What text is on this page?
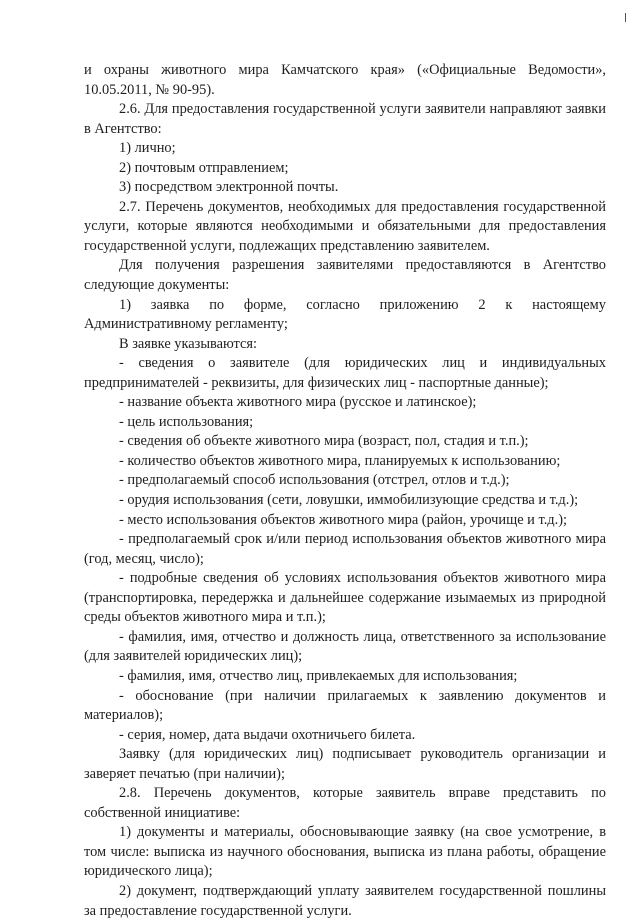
и охраны животного мира Камчатского края» («Официальные Ведомости», 10.05.2011, № 90-95).

2.6. Для предоставления государственной услуги заявители направляют заявки в Агентство:

1) лично;

2) почтовым отправлением;

3) посредством электронной почты.

2.7. Перечень документов, необходимых для предоставления государственной услуги, которые являются необходимыми и обязательными для предоставления государственной услуги, подлежащих представлению заявителем.

Для получения разрешения заявителями предоставляются в Агентство следующие документы:

1) заявка по форме, согласно приложению 2 к настоящему Административному регламенту;

В заявке указываются:

- сведения о заявителе (для юридических лиц и индивидуальных предпринимателей - реквизиты, для физических лиц - паспортные данные);

- название объекта животного мира (русское и латинское);

- цель использования;

- сведения об объекте животного мира (возраст, пол, стадия и т.п.);

- количество объектов животного мира, планируемых к использованию;

- предполагаемый способ использования (отстрел, отлов и т.д.);

- орудия использования (сети, ловушки, иммобилизующие средства и т.д.);

- место использования объектов животного мира (район, урочище и т.д.);

- предполагаемый срок и/или период использования объектов животного мира (год, месяц, число);

- подробные сведения об условиях использования объектов животного мира (транспортировка, передержка и дальнейшее содержание изымаемых из природной среды объектов животного мира и т.п.);

- фамилия, имя, отчество и должность лица, ответственного за использование (для заявителей юридических лиц);

- фамилия, имя, отчество лиц, привлекаемых для использования;

- обоснование (при наличии прилагаемых к заявлению документов и материалов);

- серия, номер, дата выдачи охотничьего билета.

Заявку (для юридических лиц) подписывает руководитель организации и заверяет печатью (при наличии);

2.8. Перечень документов, которые заявитель вправе представить по собственной инициативе:

1) документы и материалы, обосновывающие заявку (на свое усмотрение, в том числе: выписка из научного обоснования, выписка из плана работы, обращение юридического лица);

2) документ, подтверждающий уплату заявителем государственной пошлины за предоставление государственной услуги.
